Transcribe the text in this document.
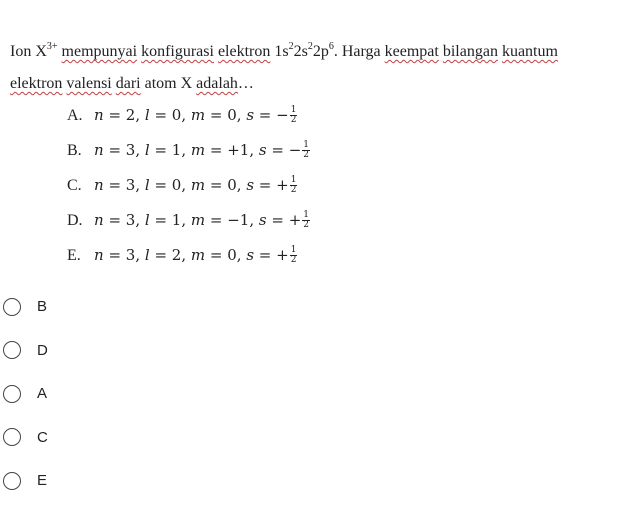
Ion $X^{3+}$ mempunyai konfigurasi elektron $1s^22s^22p^6$. Harga keempat bilangan kuantum
elektron valensi dari atom X adalah…
A. n = 2, l = 0, m = 0, s = − $\frac{1}{2}$
B. n = 3, l = 1, m = +1, s = − $\frac{1}{2}$
C. n = 3, l = 0, m = 0, s = + $\frac{1}{2}$
D. n = 3, l = 1, m = −1, s = + $\frac{1}{2}$
E. n = 3, l = 2, m = 0, s = + $\frac{1}{2}$
B
D
A
C
E
